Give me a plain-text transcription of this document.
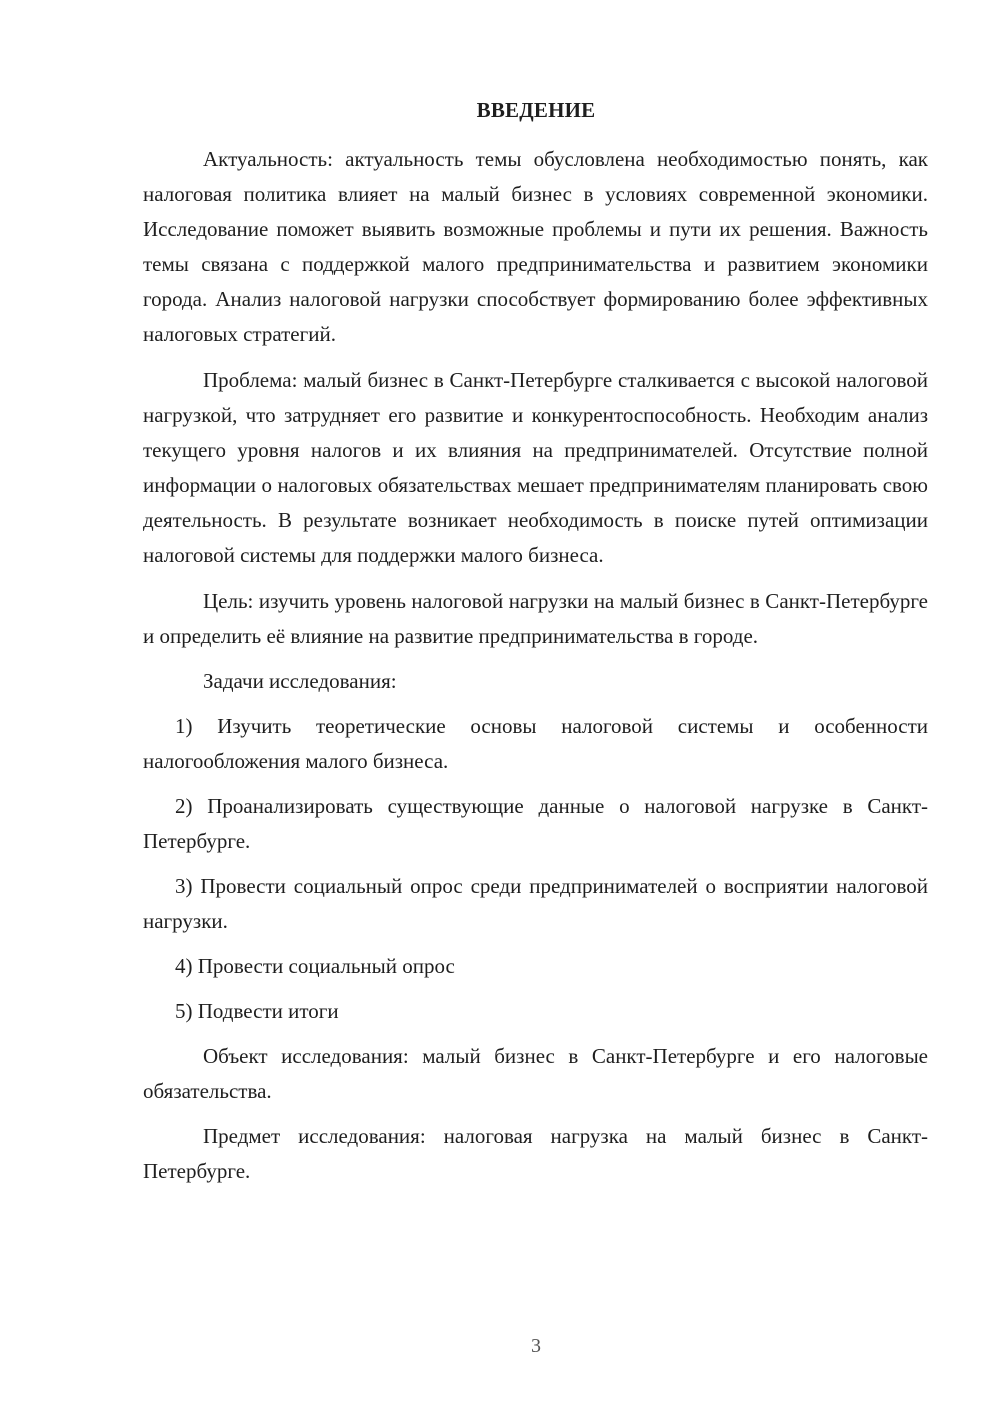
ВВЕДЕНИЕ

Актуальность: актуальность темы обусловлена необходимостью понять, как налоговая политика влияет на малый бизнес в условиях современной экономики. Исследование поможет выявить возможные проблемы и пути их решения. Важность темы связана с поддержкой малого предпринимательства и развитием экономики города. Анализ налоговой нагрузки способствует формированию более эффективных налоговых стратегий.

Проблема: малый бизнес в Санкт-Петербурге сталкивается с высокой налоговой нагрузкой, что затрудняет его развитие и конкурентоспособность. Необходим анализ текущего уровня налогов и их влияния на предпринимателей. Отсутствие полной информации о налоговых обязательствах мешает предпринимателям планировать свою деятельность. В результате возникает необходимость в поиске путей оптимизации налоговой системы для поддержки малого бизнеса.

Цель: изучить уровень налоговой нагрузки на малый бизнес в Санкт-Петербурге и определить её влияние на развитие предпринимательства в городе.

Задачи исследования:

1) Изучить теоретические основы налоговой системы и особенности налогообложения малого бизнеса.

2) Проанализировать существующие данные о налоговой нагрузке в Санкт-Петербурге.

3) Провести социальный опрос среди предпринимателей о восприятии налоговой нагрузки.

4) Провести социальный опрос

5) Подвести итоги

Объект исследования: малый бизнес в Санкт-Петербурге и его налоговые обязательства.

Предмет исследования: налоговая нагрузка на малый бизнес в Санкт-Петербурге.

3
